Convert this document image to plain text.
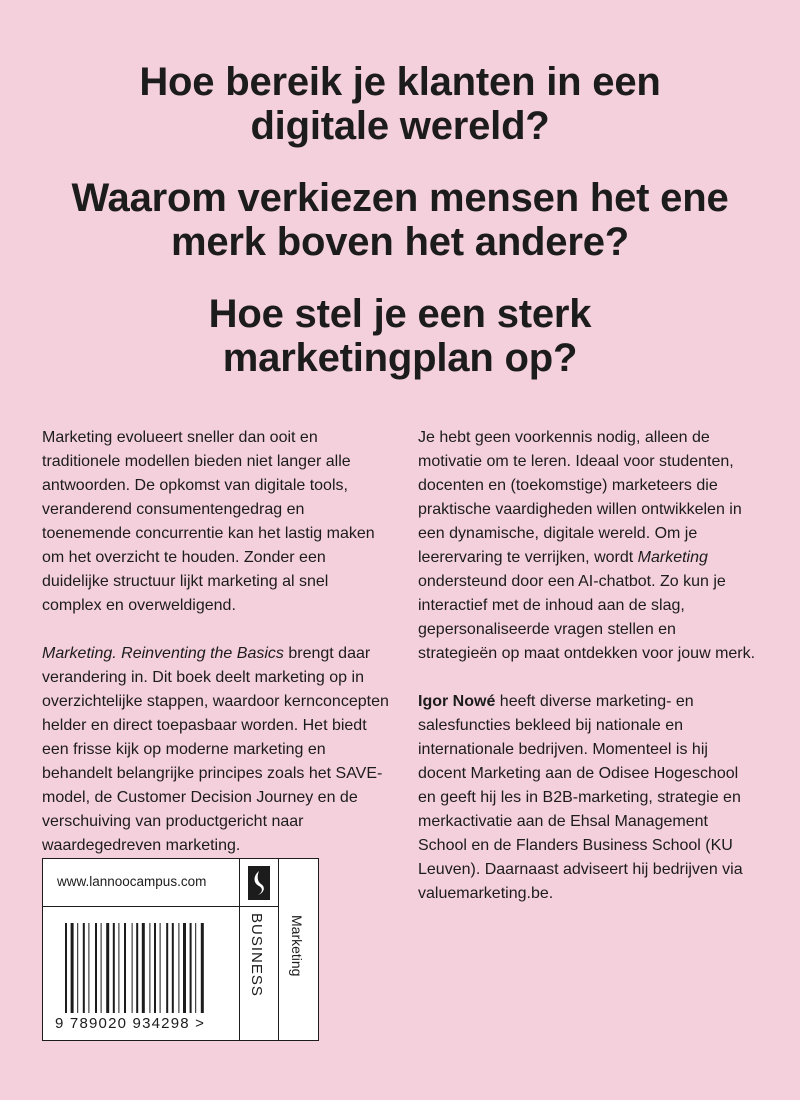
Hoe bereik je klanten in een
digitale wereld?
Waarom verkiezen mensen het ene
merk boven het andere?
Hoe stel je een sterk
marketingplan op?

Marketing evolueert sneller dan ooit en traditionele modellen bieden niet langer alle antwoorden. De opkomst van digitale tools, veranderend consumentengedrag en toenemende concurrentie kan het lastig maken om het overzicht te houden. Zonder een duidelijke structuur lijkt marketing al snel complex en overweldigend.

Marketing. Reinventing the Basics brengt daar verandering in. Dit boek deelt marketing op in overzichtelijke stappen, waardoor kernconcepten helder en direct toepasbaar worden. Het biedt een frisse kijk op moderne marketing en behandelt belangrijke principes zoals het SAVE-model, de Customer Decision Journey en de verschuiving van productgericht naar waardegedreven marketing.

Je hebt geen voorkennis nodig, alleen de motivatie om te leren. Ideaal voor studenten, docenten en (toekomstige) marketeers die praktische vaardigheden willen ontwikkelen in een dynamische, digitale wereld. Om je leerervaring te verrijken, wordt Marketing ondersteund door een AI-chatbot. Zo kun je interactief met de inhoud aan de slag, gepersonaliseerde vragen stellen en strategieën op maat ontdekken voor jouw merk.

Igor Nowé heeft diverse marketing- en salesfuncties bekleed bij nationale en internationale bedrijven. Momenteel is hij docent Marketing aan de Odisee Hogeschool en geeft hij les in B2B-marketing, strategie en merkactivatie aan de Ehsal Management School en de Flanders Business School (KU Leuven). Daarnaast adviseert hij bedrijven via valuemarketing.be.

www.lannoocampus.com
9 789020 934298 >
BUSINESS Marketing
